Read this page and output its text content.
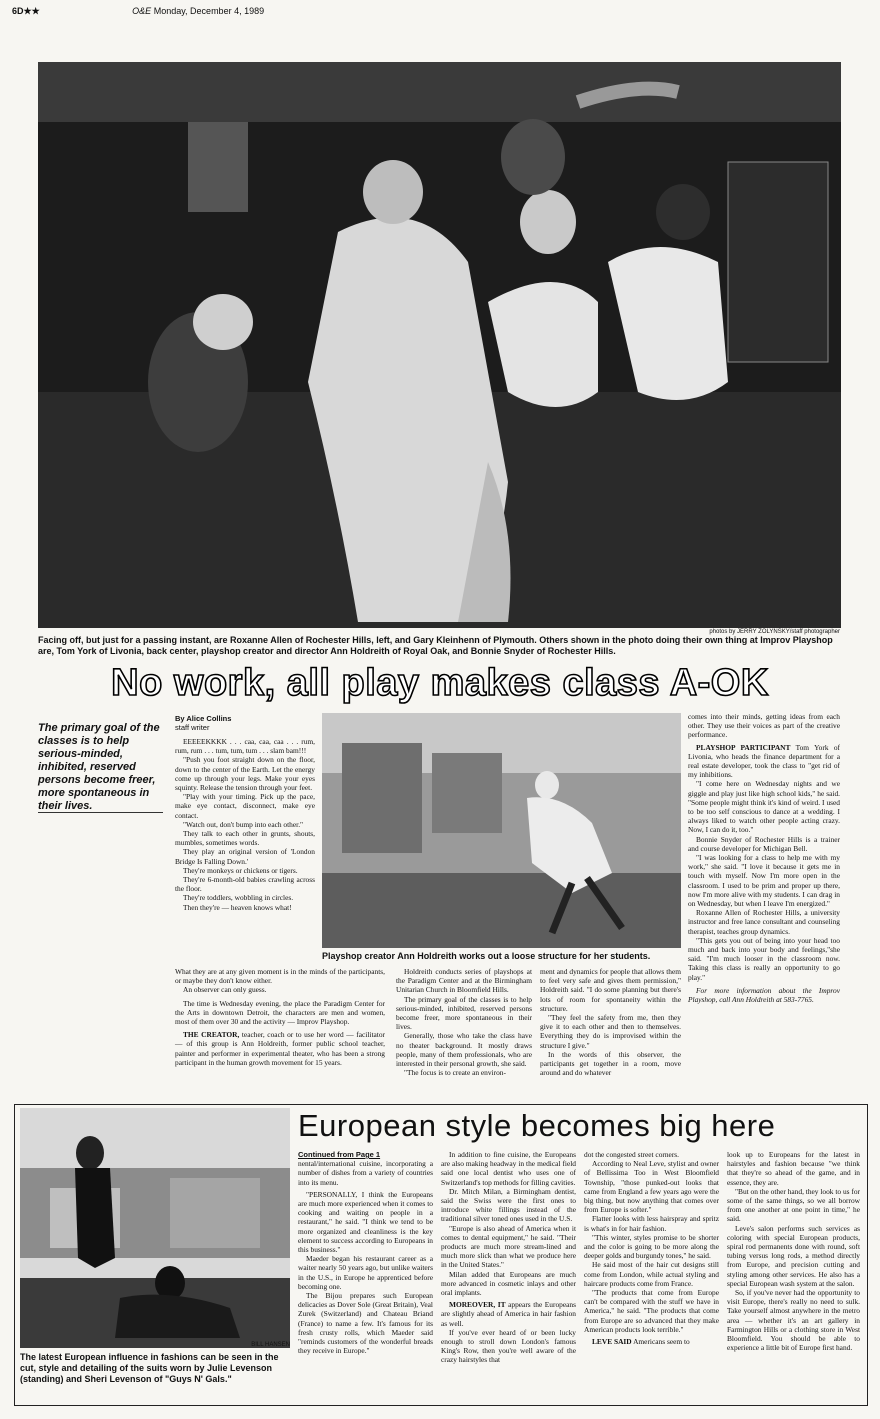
6D★★	O&E Monday, December 4, 1989
photos by JERRY ZOLYNSKY/staff photographer
Facing off, but just for a passing instant, are Roxanne Allen of Rochester Hills, left, and Gary Kleinhenn of Plymouth. Others shown in the photo doing their own thing at Improv Playshop are, Tom York of Livonia, back center, playshop creator and director Ann Holdreith of Royal Oak, and Bonnie Snyder of Rochester Hills.
No work, all play makes class A-OK
The primary goal of the classes is to help serious-minded, inhibited, reserved persons become freer, more spontaneous in their lives.
By Alice Collins
staff writer

EEEEEKKKK . . . caa, caa, caa . . . rum, rum, rum . . . tum, tum, tum . . . slam bam!!!

"Push you foot straight down on the floor, down to the center of the Earth. Let the energy come up through your legs. Make your eyes squinty. Release the tension through your feet.

"Play with your timing. Pick up the pace, make eye contact, disconnect, make eye contact.

"Watch out, don't bump into each other."

They talk to each other in grunts, shouts, mumbles, sometimes words.

They play an original version of 'London Bridge Is Falling Down.'

They're monkeys or chickens or tigers.

They're 6-month-old babies crawling across the floor.

They're toddlers, wobbling in circles.

Then they're — heaven knows what!

Playshop creator Ann Holdreith works out a loose structure for her students.

What they are at any given moment is in the minds of the participants, or maybe they don't know either.

An observer can only guess.

The time is Wednesday evening, the place the Paradigm Center for the Arts in downtown Detroit, the characters are men and women, most of them over 30 and the activity — Improv Playshop.

THE CREATOR, teacher, coach or to use her word — facilitator — of this group is Ann Holdreith, former public school teacher, painter and performer in experimental theater, who has been a strong participant in the human growth movement for 15 years.

Holdreith conducts series of playshops at the Paradigm Center and at the Birmingham Unitarian Church in Bloomfield Hills.

The primary goal of the classes is to help serious-minded, inhibited, reserved persons become freer, more spontaneous in their lives.

Generally, those who take the class have no theater background. It mostly draws people, many of them professionals, who are interested in their personal growth, she said.

"The focus is to create an environ-

ment and dynamics for people that allows them to feel very safe and gives them permission," Holdreith said. "I do some planning but there's lots of room for spontaneity within the structure.

"They feel the safety from me, then they give it to each other and then to themselves. Everything they do is improvised within the structure I give."

In the words of this observer, the participants get together in a room, move around and do whatever

comes into their minds, getting ideas from each other. They use their voices as part of the creative performance.

PLAYSHOP PARTICIPANT Tom York of Livonia, who heads the finance department for a real estate developer, took the class to "get rid of my inhibitions.

"I come here on Wednesday nights and we giggle and play just like high school kids," he said. "Some people might think it's kind of weird. I used to be too self conscious to dance at a wedding. I always liked to watch other people acting crazy. Now, I can do it, too."

Bonnie Snyder of Rochester Hills is a trainer and course developer for Michigan Bell.

"I was looking for a class to help me with my work," she said. "I love it because it gets me in touch with myself. Now I'm more open in the classroom. I used to be prim and proper up there, now I'm more alive with my students. I can drag in on Wednesday, but when I leave I'm energized."

Roxanne Allen of Rochester Hills, a university instructor and free lance consultant and counseling therapist, teaches group dynamics.

"This gets you out of being into your head too much and back into your body and feelings,"she said. "I'm much looser in the classroom now. Taking this class is really an opportunity to go play."

For more information about the Improv Playshop, call Ann Holdreith at 583-7765.

BILL HANSEN
The latest European influence in fashions can be seen in the cut, style and detailing of the suits worn by Julie Levenson (standing) and Sheri Levenson of "Guys N' Gals."
European style becomes big here
Continued from Page 1

nental/international cuisine, incorporating a number of dishes from a variety of countries into its menu.

"PERSONALLY, I think the Europeans are much more experienced when it comes to cooking and waiting on people in a restaurant," he said. "I think we tend to be more organized and cleanliness is the key element to success according to Europeans in this business."

Maeder began his restaurant career as a waiter nearly 50 years ago, but unlike waiters in the U.S., in Europe he apprenticed before becoming one.

The Bijou prepares such European delicacies as Dover Sole (Great Britain), Veal Zurek (Switzerland) and Chateau Briand (France) to name a few. It's famous for its fresh crusty rolls, which Maeder said "reminds customers of the wonderful breads they receive in Europe."

In addition to fine cuisine, the Europeans are also making headway in the medical field said one local dentist who uses one of Switzerland's top methods for filling cavities.

Dr. Mitch Milan, a Birmingham dentist, said the Swiss were the first ones to introduce white fillings instead of the traditional silver toned ones used in the U.S.

"Europe is also ahead of America when it comes to dental equipment," he said. "Their products are much more stream-lined and much more slick than what we produce here in the United States."

Milan added that Europeans are much more advanced in cosmetic inlays and other oral implants.

MOREOVER, IT appears the Europeans are slightly ahead of America in hair fashion as well.

If you've ever heard of or been lucky enough to stroll down London's famous King's Row, then you're well aware of the crazy hairstyles that

dot the congested street corners.

According to Neal Leve, stylist and owner of Bellissima Too in West Bloomfield Township, "those punked-out looks that came from England a few years ago were the big thing, but now anything that comes over from Europe is softer."

Flatter looks with less hairspray and spritz is what's in for hair fashion.

"This winter, styles promise to be shorter and the color is going to be more along the deeper golds and burgundy tones," he said.

He said most of the hair cut designs still come from London, while actual styling and haircare products come from France.

"The products that come from Europe can't be compared with the stuff we have in America," he said. "The products that come from Europe are so advanced that they make American products look terrible."

LEVE SAID Americans seem to

look up to Europeans for the latest in hairstyles and fashion because "we think that they're so ahead of the game, and in essence, they are.

"But on the other hand, they look to us for some of the same things, so we all borrow from one another at one point in time," he said.

Leve's salon performs such services as coloring with special European products, spiral rod permanents done with round, soft tubing versus long rods, a method directly from Europe, and precision cutting and styling among other services. He also has a special European wash system at the salon.

So, if you've never had the opportunity to visit Europe, there's really no need to sulk. Take yourself almost anywhere in the metro area — whether it's an art gallery in Farmington Hills or a clothing store in West Bloomfield. You should be able to experience a little bit of Europe first hand.
